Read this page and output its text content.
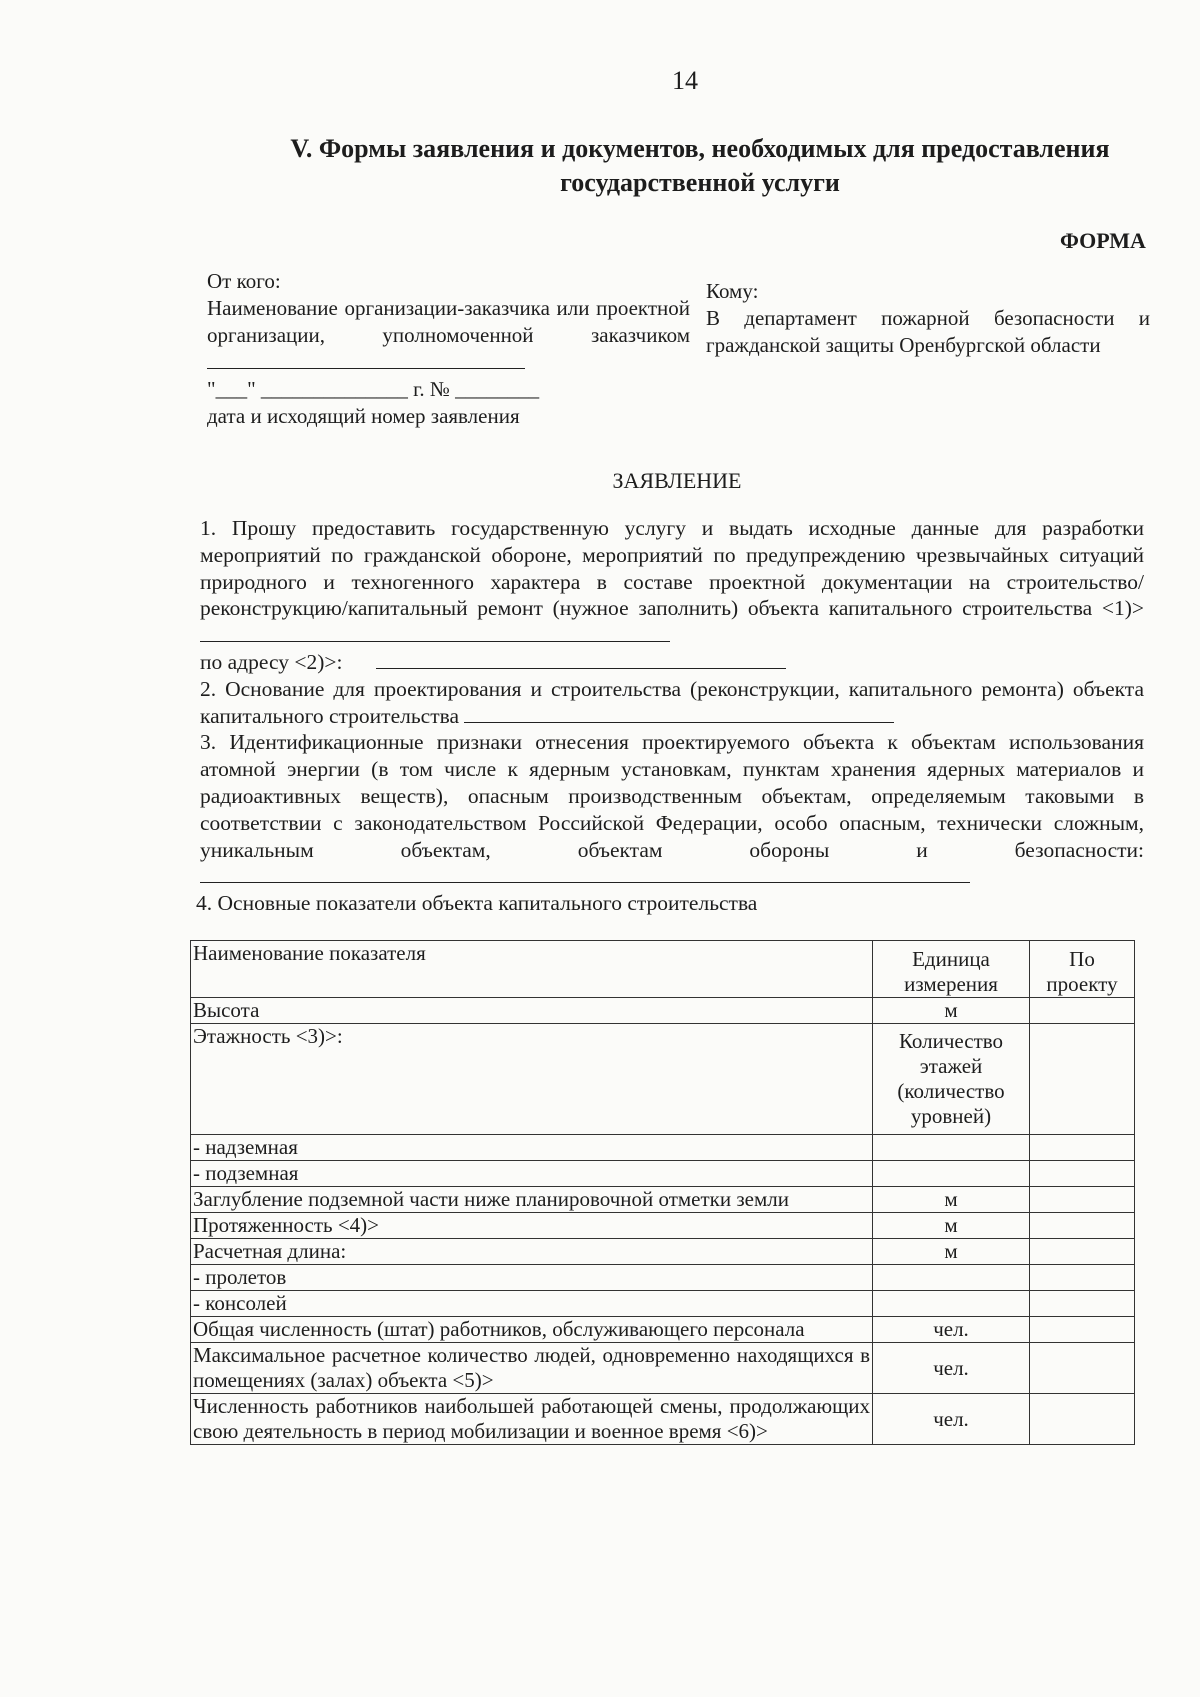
14
V. Формы заявления и документов, необходимых для предоставления государственной услуги
ФОРМА
От кого:
Наименование организации-заказчика или проектной организации, уполномоченной заказчиком
"___" ______________ г. № ________
дата и исходящий номер заявления
Кому:
В департамент пожарной безопасности и гражданской защиты Оренбургской области
ЗАЯВЛЕНИЕ

1. Прошу предоставить государственную услугу и выдать исходные данные для разработки мероприятий по гражданской обороне, мероприятий по предупреждению чрезвычайных ситуаций природного и техногенного характера в составе проектной документации на строительство/реконструкцию/капитальный ремонт (нужное заполнить) объекта капитального строительства <1)>

по адресу <2)>:

2. Основание для проектирования и строительства (реконструкции, капитального ремонта) объекта капитального строительства

3. Идентификационные признаки отнесения проектируемого объекта к объектам использования атомной энергии (в том числе к ядерным установкам, пунктам хранения ядерных материалов и радиоактивных веществ), опасным производственным объектам, определяемым таковыми в соответствии с законодательством Российской Федерации, особо опасным, технически сложным, уникальным объектам, объектам обороны и безопасности:

4. Основные показатели объекта капитального строительства

Наименование показателя	Единица измерения	По проекту
Высота	м	
Этажность <3)>:	Количество этажей (количество уровней)	
- надземная		
- подземная		
Заглубление подземной части ниже планировочной отметки земли	м	
Протяженность <4)>	м	
Расчетная длина:	м	
- пролетов		
- консолей		
Общая численность (штат) работников, обслуживающего персонала	чел.	
Максимальное расчетное количество людей, одновременно находящихся в помещениях (залах) объекта <5)>	чел.	
Численность работников наибольшей работающей смены, продолжающих свою деятельность в период мобилизации и военное время <6)>	чел.	
